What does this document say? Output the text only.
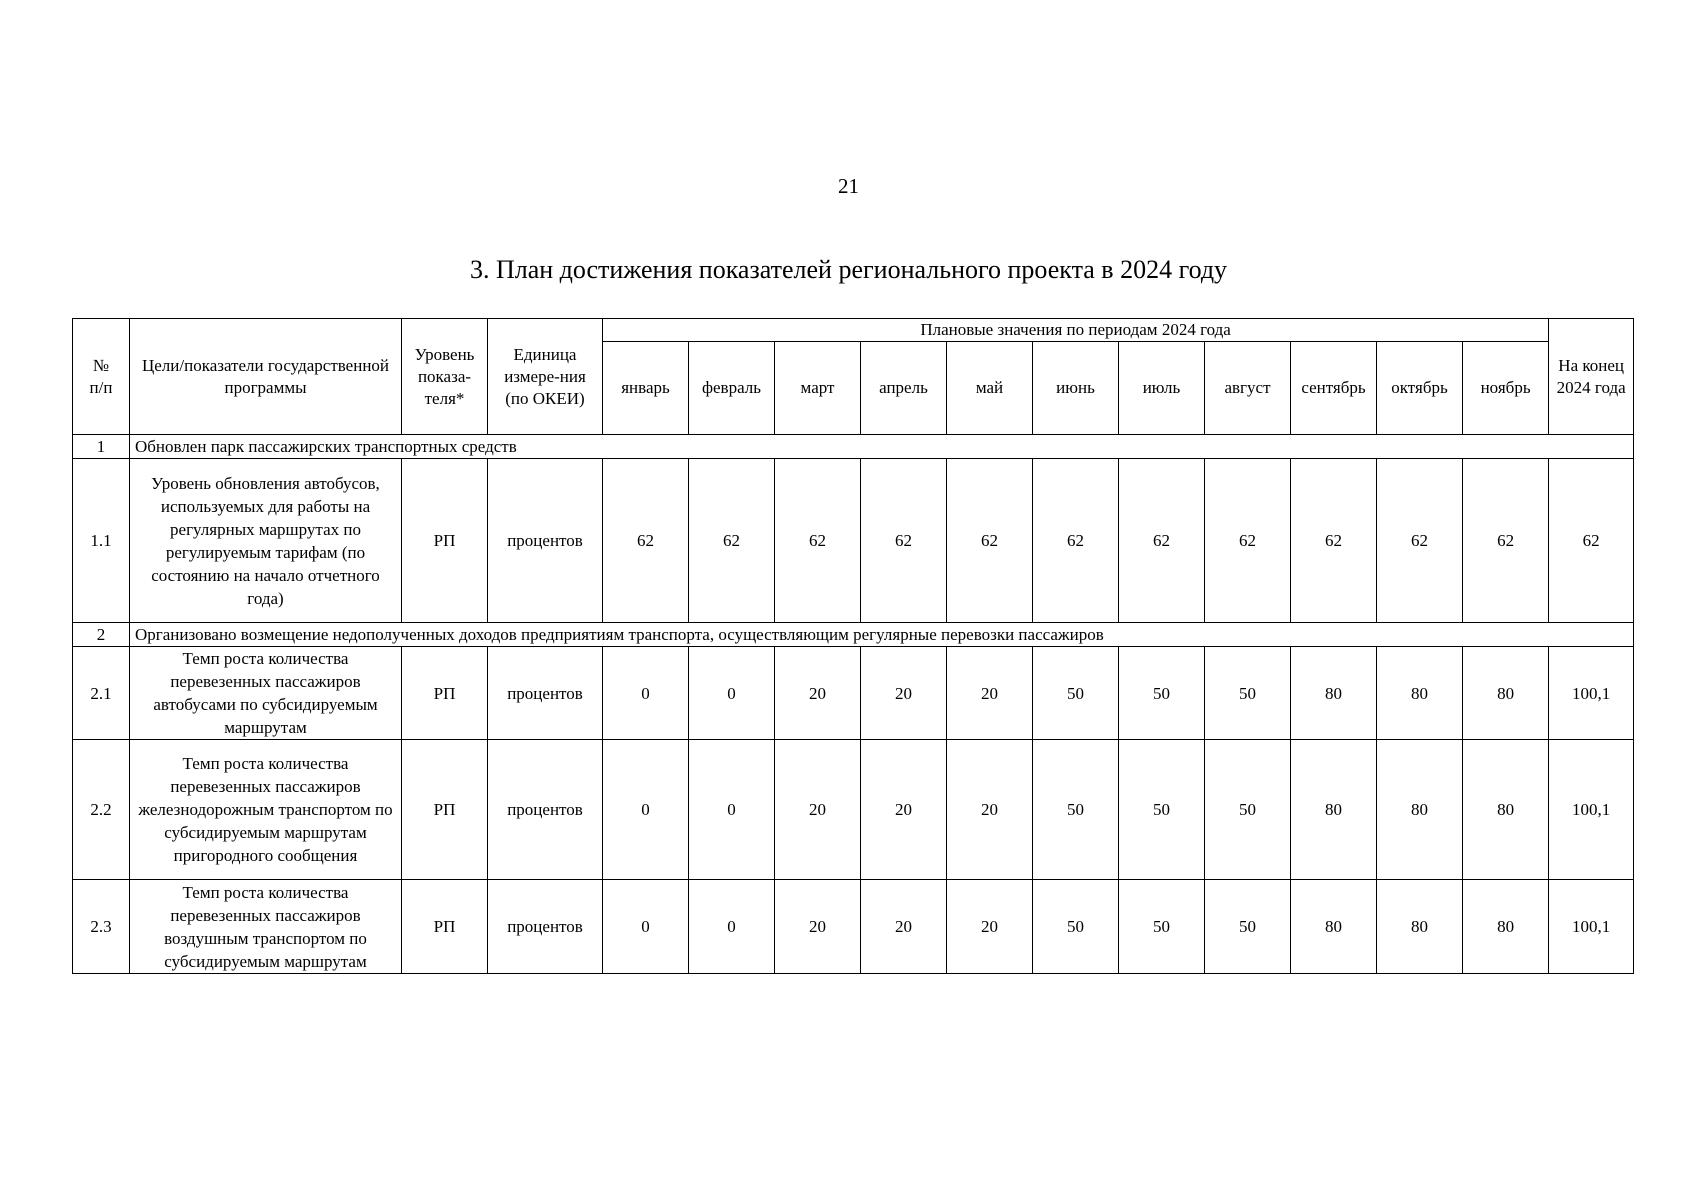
21
3. План достижения показателей регионального проекта в 2024 году
№
п/п	Цели/показатели государственной программы	Уровень показа-теля*	Единица измере-ния (по ОКЕИ)	Плановые значения по периодам 2024 года											На конец 2024 года
				январь	февраль	март	апрель	май	июнь	июль	август	сентябрь	октябрь	ноябрь	
1	Обновлен парк пассажирских транспортных средств														
1.1	Уровень обновления автобусов, используемых для работы на регулярных маршрутах по регулируемым тарифам (по состоянию на начало отчетного года)	РП	процентов	62	62	62	62	62	62	62	62	62	62	62	62
2	Организовано возмещение недополученных доходов предприятиям транспорта, осуществляющим регулярные перевозки пассажиров														
2.1	Темп роста количества перевезенных пассажиров автобусами по субсидируемым маршрутам	РП	процентов	0	0	20	20	20	50	50	50	80	80	80	100,1
2.2	Темп роста количества перевезенных пассажиров железнодорожным транспортом по субсидируемым маршрутам пригородного сообщения	РП	процентов	0	0	20	20	20	50	50	50	80	80	80	100,1
2.3	Темп роста количества перевезенных пассажиров воздушным транспортом по субсидируемым маршрутам	РП	процентов	0	0	20	20	20	50	50	50	80	80	80	100,1
